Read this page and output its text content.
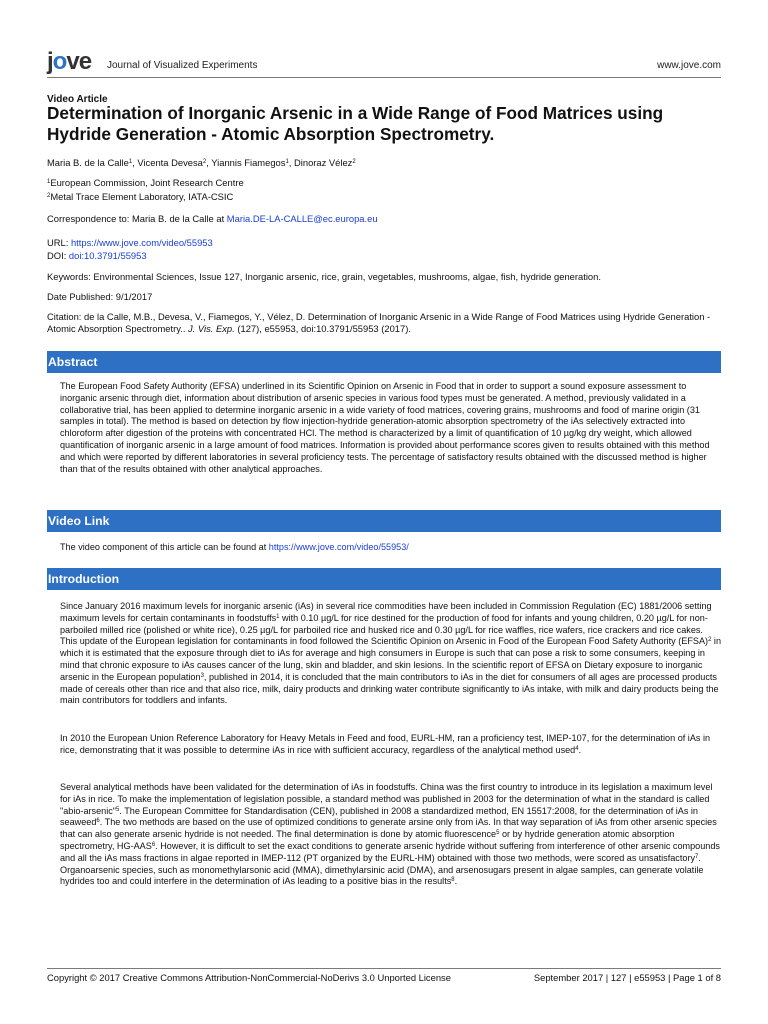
jove Journal of Visualized Experiments	www.jove.com
Video Article
Determination of Inorganic Arsenic in a Wide Range of Food Matrices using Hydride Generation - Atomic Absorption Spectrometry.
Maria B. de la Calle$^1$, Vicenta Devesa$^2$, Yiannis Fiamegos$^1$, Dinoraz Vélez$^2$
$^1$European Commission, Joint Research Centre
$^2$Metal Trace Element Laboratory, IATA-CSIC
Correspondence to: Maria B. de la Calle at Maria.DE-LA-CALLE@ec.europa.eu
URL: https://www.jove.com/video/55953
DOI: doi:10.3791/55953
Keywords: Environmental Sciences, Issue 127, Inorganic arsenic, rice, grain, vegetables, mushrooms, algae, fish, hydride generation.
Date Published: 9/1/2017
Citation: de la Calle, M.B., Devesa, V., Fiamegos, Y., Vélez, D. Determination of Inorganic Arsenic in a Wide Range of Food Matrices using Hydride Generation - Atomic Absorption Spectrometry.. J. Vis. Exp. (127), e55953, doi:10.3791/55953 (2017).
Abstract
The European Food Safety Authority (EFSA) underlined in its Scientific Opinion on Arsenic in Food that in order to support a sound exposure assessment to inorganic arsenic through diet, information about distribution of arsenic species in various food types must be generated. A method, previously validated in a collaborative trial, has been applied to determine inorganic arsenic in a wide variety of food matrices, covering grains, mushrooms and food of marine origin (31 samples in total). The method is based on detection by flow injection-hydride generation-atomic absorption spectrometry of the iAs selectively extracted into chloroform after digestion of the proteins with concentrated HCl. The method is characterized by a limit of quantification of 10 µg/kg dry weight, which allowed quantification of inorganic arsenic in a large amount of food matrices. Information is provided about performance scores given to results obtained with this method and which were reported by different laboratories in several proficiency tests. The percentage of satisfactory results obtained with the discussed method is higher than that of the results obtained with other analytical approaches.
Video Link
The video component of this article can be found at https://www.jove.com/video/55953/
Introduction
Since January 2016 maximum levels for inorganic arsenic (iAs) in several rice commodities have been included in Commission Regulation (EC) 1881/2006 setting maximum levels for certain contaminants in foodstuffs$^1$ with 0.10 µg/L for rice destined for the production of food for infants and young children, 0.20 µg/L for non-parboiled milled rice (polished or white rice), 0.25 µg/L for parboiled rice and husked rice and 0.30 µg/L for rice waffles, rice wafers, rice crackers and rice cakes. This update of the European legislation for contaminants in food followed the Scientific Opinion on Arsenic in Food of the European Food Safety Authority (EFSA)$^2$ in which it is estimated that the exposure through diet to iAs for average and high consumers in Europe is such that can pose a risk to some consumers, keeping in mind that chronic exposure to iAs causes cancer of the lung, skin and bladder, and skin lesions. In the scientific report of EFSA on Dietary exposure to inorganic arsenic in the European population$^3$, published in 2014, it is concluded that the main contributors to iAs in the diet for consumers of all ages are processed products made of cereals other than rice and that also rice, milk, dairy products and drinking water contribute significantly to iAs intake, with milk and dairy products being the main contributors for toddlers and infants.
In 2010 the European Union Reference Laboratory for Heavy Metals in Feed and food, EURL-HM, ran a proficiency test, IMEP-107, for the determination of iAs in rice, demonstrating that it was possible to determine iAs in rice with sufficient accuracy, regardless of the analytical method used$^4$.
Several analytical methods have been validated for the determination of iAs in foodstuffs. China was the first country to introduce in its legislation a maximum level for iAs in rice. To make the implementation of legislation possible, a standard method was published in 2003 for the determination of what in the standard is called "abio-arsenic"$^5$. The European Committee for Standardisation (CEN), published in 2008 a standardized method, EN 15517:2008, for the determination of iAs in seaweed$^6$. The two methods are based on the use of optimized conditions to generate arsine only from iAs. In that way separation of iAs from other arsenic species that can also generate arsenic hydride is not needed. The final determination is done by atomic fluorescence$^5$ or by hydride generation atomic absorption spectrometry, HG-AAS$^6$. However, it is difficult to set the exact conditions to generate arsenic hydride without suffering from interference of other arsenic compounds and all the iAs mass fractions in algae reported in IMEP-112 (PT organized by the EURL-HM) obtained with those two methods, were scored as unsatisfactory$^7$. Organoarsenic species, such as monomethylarsonic acid (MMA), dimethylarsinic acid (DMA), and arsenosugars present in algae samples, can generate volatile hydrides too and could interfere in the determination of iAs leading to a positive bias in the results$^8$.
Copyright © 2017 Creative Commons Attribution-NonCommercial-NoDerivs 3.0 Unported License	September 2017 | 127 | e55953 | Page 1 of 8
